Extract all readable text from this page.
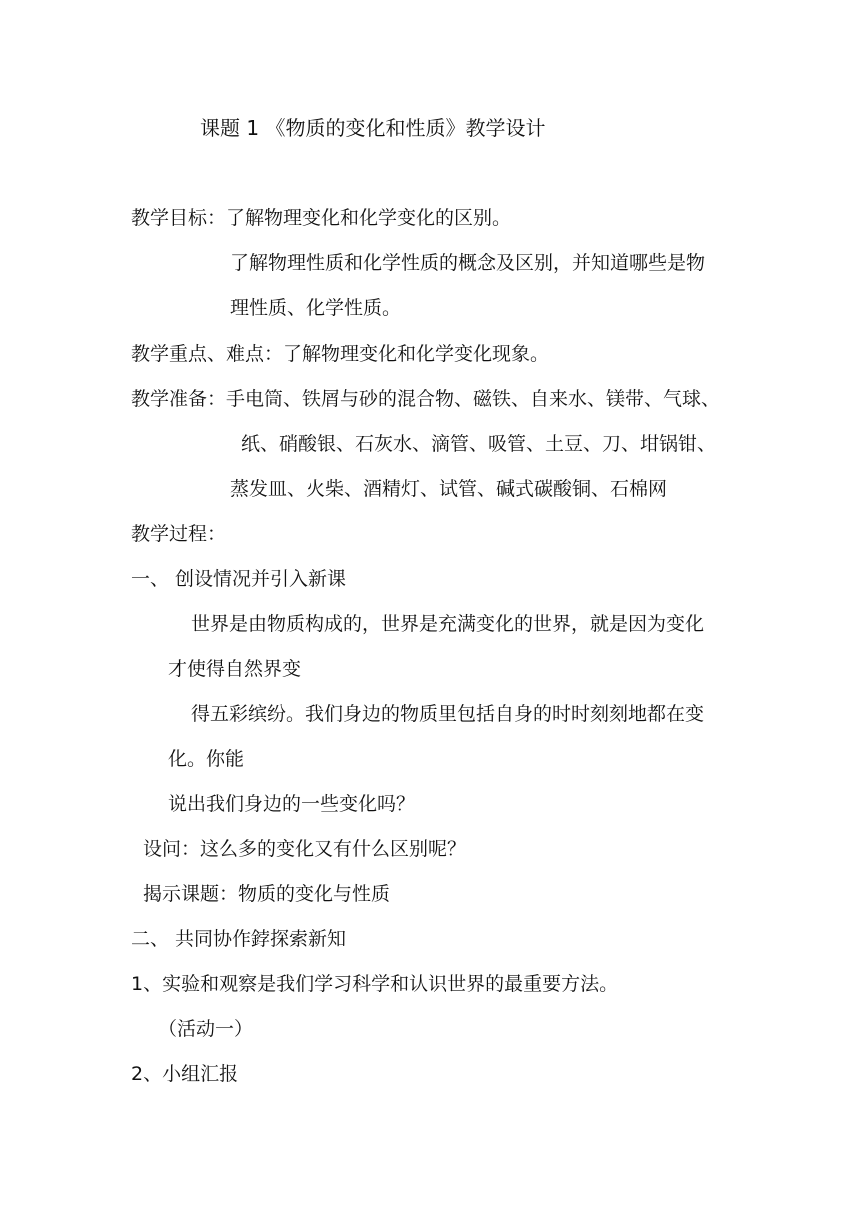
课题 1 《物质的变化和性质》教学设计

教学目标：了解物理变化和化学变化的区别。

了解物理性质和化学性质的概念及区别，并知道哪些是物

理性质、化学性质。

教学重点、难点：了解物理变化和化学变化现象。

教学准备：手电筒、铁屑与砂的混合物、磁铁、自来水、镁带、气球、

纸、硝酸银、石灰水、滴管、吸管、土豆、刀、坩锅钳、

蒸发皿、火柴、酒精灯、试管、碱式碳酸铜、石棉网

教学过程：

一、 创设情况并引入新课

世界是由物质构成的，世界是充满变化的世界，就是因为变化

才使得自然界变

得五彩缤纷。我们身边的物质里包括自身的时时刻刻地都在变

化。你能

说出我们身边的一些变化吗？

设问：这么多的变化又有什么区别呢？

揭示课题：物质的变化与性质

二、 共同协作鋍探索新知

1、实验和观察是我们学习科学和认识世界的最重要方法。

（活动一）

2、小组汇报
